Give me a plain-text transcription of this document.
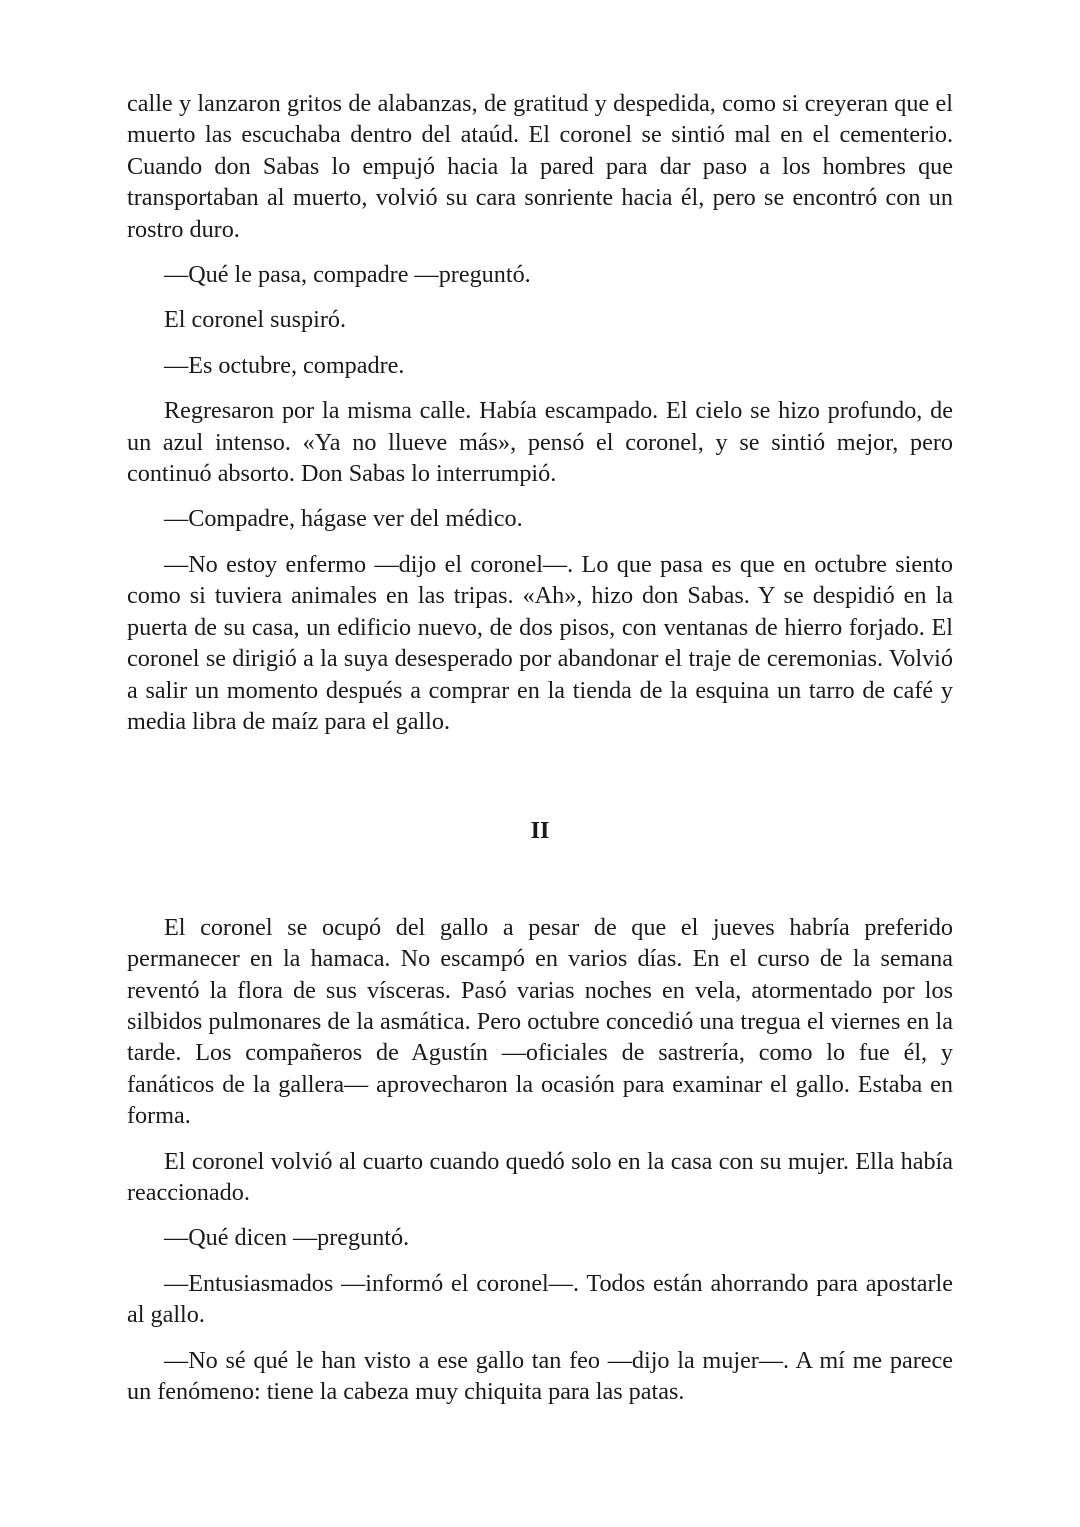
calle y lanzaron gritos de alabanzas, de gratitud y despedida, como si creyeran que el muerto las escuchaba dentro del ataúd. El coronel se sintió mal en el cementerio. Cuando don Sabas lo empujó hacia la pared para dar paso a los hombres que transportaban al muerto, volvió su cara sonriente hacia él, pero se encontró con un rostro duro.

—Qué le pasa, compadre —preguntó.

El coronel suspiró.

—Es octubre, compadre.

Regresaron por la misma calle. Había escampado. El cielo se hizo profundo, de un azul intenso. «Ya no llueve más», pensó el coronel, y se sintió mejor, pero continuó absorto. Don Sabas lo interrumpió.

—Compadre, hágase ver del médico.

—No estoy enfermo —dijo el coronel—. Lo que pasa es que en octubre siento como si tuviera animales en las tripas. «Ah», hizo don Sabas. Y se despidió en la puerta de su casa, un edificio nuevo, de dos pisos, con ventanas de hierro forjado. El coronel se dirigió a la suya desesperado por abandonar el traje de ceremonias. Volvió a salir un momento después a comprar en la tienda de la esquina un tarro de café y media libra de maíz para el gallo.

II

El coronel se ocupó del gallo a pesar de que el jueves habría preferido permanecer en la hamaca. No escampó en varios días. En el curso de la semana reventó la flora de sus vísceras. Pasó varias noches en vela, atormentado por los silbidos pulmonares de la asmática. Pero octubre concedió una tregua el viernes en la tarde. Los compañeros de Agustín —oficiales de sastrería, como lo fue él, y fanáticos de la gallera— aprovecharon la ocasión para examinar el gallo. Estaba en forma.

El coronel volvió al cuarto cuando quedó solo en la casa con su mujer. Ella había reaccionado.

—Qué dicen —preguntó.

—Entusiasmados —informó el coronel—. Todos están ahorrando para apostarle al gallo.

—No sé qué le han visto a ese gallo tan feo —dijo la mujer—. A mí me parece un fenómeno: tiene la cabeza muy chiquita para las patas.
